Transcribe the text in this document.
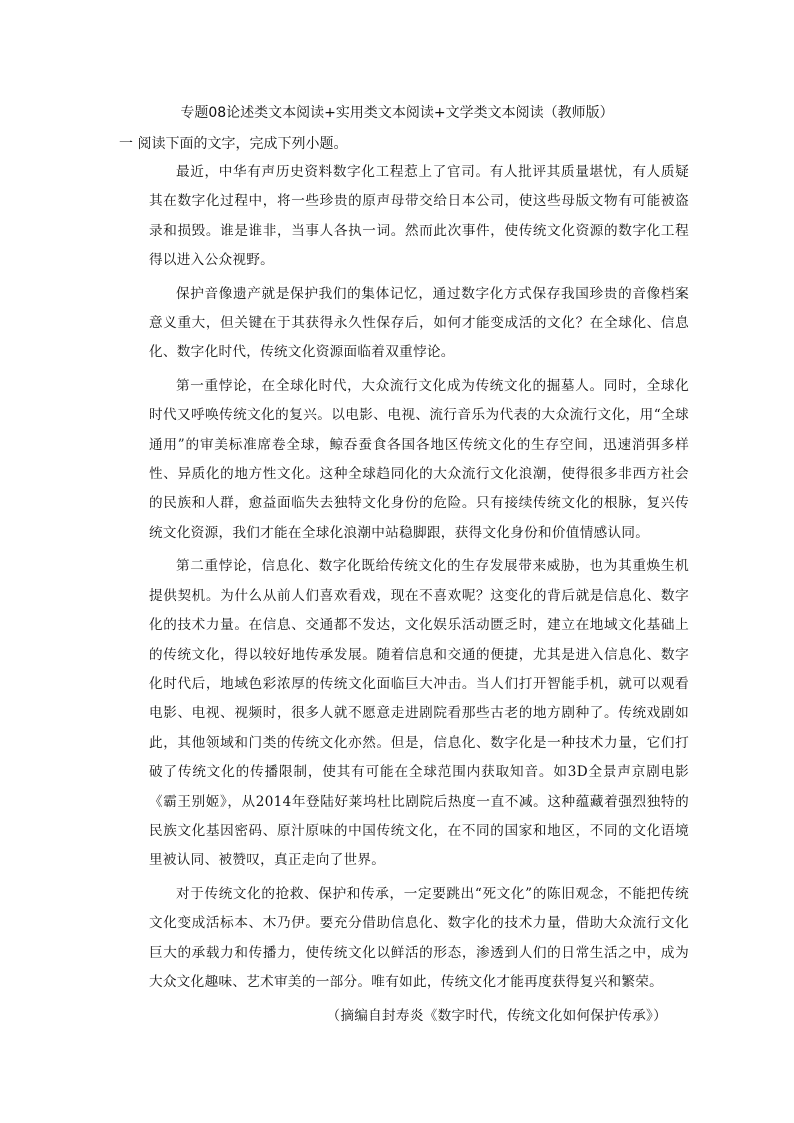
专题08论述类文本阅读+实用类文本阅读+文学类文本阅读（教师版）
一 阅读下面的文字，完成下列小题。

最近，中华有声历史资料数字化工程惹上了官司。有人批评其质量堪忧，有人质疑其在数字化过程中，将一些珍贵的原声母带交给日本公司，使这些母版文物有可能被盗录和损毁。谁是谁非，当事人各执一词。然而此次事件，使传统文化资源的数字化工程得以进入公众视野。

保护音像遗产就是保护我们的集体记忆，通过数字化方式保存我国珍贵的音像档案意义重大，但关键在于其获得永久性保存后，如何才能变成活的文化？在全球化、信息化、数字化时代，传统文化资源面临着双重悖论。

第一重悖论，在全球化时代，大众流行文化成为传统文化的掘墓人。同时，全球化时代又呼唤传统文化的复兴。以电影、电视、流行音乐为代表的大众流行文化，用“全球通用”的审美标准席卷全球，鲸吞蚕食各国各地区传统文化的生存空间，迅速消弭多样性、异质化的地方性文化。这种全球趋同化的大众流行文化浪潮，使得很多非西方社会的民族和人群，愈益面临失去独特文化身份的危险。只有接续传统文化的根脉，复兴传统文化资源，我们才能在全球化浪潮中站稳脚跟，获得文化身份和价值情感认同。

第二重悖论，信息化、数字化既给传统文化的生存发展带来威胁，也为其重焕生机提供契机。为什么从前人们喜欢看戏，现在不喜欢呢？这变化的背后就是信息化、数字化的技术力量。在信息、交通都不发达，文化娱乐活动匮乏时，建立在地域文化基础上的传统文化，得以较好地传承发展。随着信息和交通的便捷，尤其是进入信息化、数字化时代后，地域色彩浓厚的传统文化面临巨大冲击。当人们打开智能手机，就可以观看电影、电视、视频时，很多人就不愿意走进剧院看那些古老的地方剧种了。传统戏剧如此，其他领域和门类的传统文化亦然。但是，信息化、数字化是一种技术力量，它们打破了传统文化的传播限制，使其有可能在全球范围内获取知音。如3D全景声京剧电影《霸王别姬》，从2014年登陆好莱坞杜比剧院后热度一直不减。这种蕴藏着强烈独特的民族文化基因密码、原汁原味的中国传统文化，在不同的国家和地区，不同的文化语境里被认同、被赞叹，真正走向了世界。

对于传统文化的抢救、保护和传承，一定要跳出“死文化”的陈旧观念，不能把传统文化变成活标本、木乃伊。要充分借助信息化、数字化的技术力量，借助大众流行文化巨大的承载力和传播力，使传统文化以鲜活的形态，渗透到人们的日常生活之中，成为大众文化趣味、艺术审美的一部分。唯有如此，传统文化才能再度获得复兴和繁荣。

（摘编自封寿炎《数字时代，传统文化如何保护传承》）
